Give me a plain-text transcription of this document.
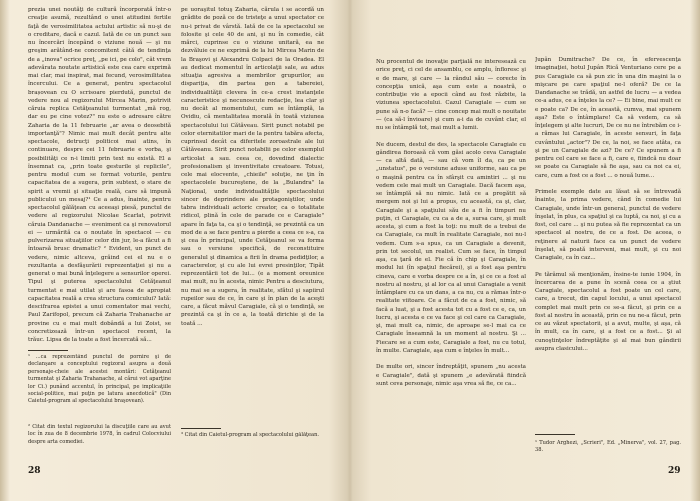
prezia unei noutăţi de cultură încorporată într-o creaţie asumă, rezultând o unei atitudini fertile faţă de verosimilitatea actului artistic să nu-şi de o creditare, dacă e cazul. Iată de ce un punct sau nu încercări începând o viziune nouă — şi nu greşim arătând-ne concomitent câtă de tendinţa de a „inova" ocrice preţ, „pe ici, pe colo", cât vrem adevărata noutate artistică este cea care exprimă mai clar, mai inspirat, mai fecund, verosimilitatea încercului. Ce a generat, pentru spectacolul brașovean cu O scrisoare pierdută, punctul de vedere nou al regizorului Mircea Marin, potrivit căruia replica Cetăţeanului turmentat „mă rog, dar eu pe cine votez?" nu este o adresare către Zaharia de la 11 februarie „ar avea o deosebită importanţă"? Nimic mai mult decât pentru alte spectacole, detrucţi politicoi mai atins, în continuare, despre cei 11 februarie e vorba, şi posibilităţi ce n-i limiti prin text nu există. El a însemnat ca, „prin toate gesturile şi replicile", pentru modul cum se format voturile, pentru capacitatea de a sugera, prin subtext, o stare de spirit a vremii şi situaţie reală, care să impună publicului un mesaj?¹ Ce a adus, înainte, pentru spectacolul gălăţean cu aceeaşi piesă, punctul de vedere al regizorului Nicolae Scarlat, potrivit căruia Dandanache — eveniment ca şi renovatorul ei — urmărită ca o noutate în spectacol — cu pulverizarea situaţiilor celor din jur, le-a făcut a fi întoarsă brusc dramatic? ² Evident, un punct de vedere, nimic altceva, grăind cei el nu e o rezultanta a desfăşurării reprezentaţiei şi nu a generat o mai bună înţelegere a sensurilor operei. Tipul şi puterea spectacolului Cetăţeanul turmentat e mai utilat şi are fasoa de apropiat capacitatea reală a crea structura comicului? Iată: descifrarea epistei a unui comentator mai vechi, Paul Zarifopol, precum că Zaharia Trahanache ar provine cu e mai mult dobândă a lui Zoist, se concretizează într-un spectacol recent, la
pe uoraşitul totuş Zaharia, cărula i se acordă un grădite de poză ce de tristeţe a unui spectator ce nu-i privat de vârstă. Iată de ce la spectacolul se folosite şi cele 40 de ani, şi nu în comedie, cât mărci, cuprinse cu o viziune unitară, ea ne dezvăluie ce ne exprimă de la lui Mircea Marin de la Braşovi şi Alexandru Colpaci de la Oradea. El au dedicat momentul în articolaţii sale, au adus situaţia agresiva a membrilor grupurilor, au dispariţia, din partea gen a tabereiei, individualităţii clevera în ce-a crest instanţele caracteristice şi necunoscute redacţie, lea clar şi nu decât al momentului, cum se întâmplă, la Ovidiu, că mentalitatea morală în toată viziunea spectacolului lui Cătăveau. Sirit punct notabil pe celor eternitatilor mari de la pentru tabăra afecta, cuprinsul decât ca diferitele zoroastrale ale lui Cătăveanu. Sirit punct notabilii pe celor exemplul articolat a sau. ceea ce, dovedind dialectic profesionalism şi inventivitate creatoare. Totusi, cele mai elocvente, „chieile" soluţie, ne ţin în spectacolele bucureştene, de la „Bulandra" la Naţional, unde individualităţile spectacolului sincer de deprindere ale protagoniştilor, unde tabra individuali actoric creator, ca o totalitate ridicol, plină în cele de parade ce e Caragiale" apare în faţa ta, ca şi o tendinţă, se prezintă ca un mod de a se face pentru a pierde a ceea ce s-a, ca şi cea în principal, unde Cetăţeanul se va forma sau o versiune specifică, de reconstituire generalul şi dinamica a firii în drama pedidţilor, a caracterelor, şi cu ale lui evrei presinţilor, Tipăt reprezentării tot de lui... (e a moment oreunice mai mult, nu în acesta, nimic Pentru a desciutura, nu mai se a sugera, în realitate, sfătul şi sapiirul rupeilor sau de ce, în care şi în plan de la aceşti care, a făcut măvul Caragiale, că şi o tendinţă, se prezintă ca şi în ce a, la toată dirichie şi de la toată ...
trăuc. Lipsa de la toate a fost încercată să...
¹ ...ca reprezentând punctul de pornire şi de declanşare a conceptului regizoral asupra a două personaje-cheie ale acestei montări: Cetăţeanul turmentat şi Zaharia Trahanache, al cărui vot aparţine lor Ci.) punând accentul, în principal, pe implicaţiile social-politice, mai puţin pe latura anecdotică" (Din Caietul-program al spectacolului braşovean).
² Citat din textul regizorului la discuţiile care au avut loc în zua de 8 decembrie 1978, în cadrul Colocviului despre arta comediei.
³ Citat din Caietul-program al spectacolului gălăţean.
28
Nu procentul de inovaţie parţială ne interesează cu orice preţ, ci cel de ansamblu, ce amplu, înfloresc şi e de mare, şi care — la rândul său — corecte în concepţia unică, aşa cum este a noastră, o contribuţie vie a epocii când au fost răzbite, la viziunea spectacolului. Cazul Caragiale — cum se pune să n-o facă? — cine concep mai mult o nouitate — (ca să-l învioare) şi cum a-i da de cuvânt clar, el nu se întâmplă tot, mai mult a lumii.

Ne ducem, destul de des, la spectacole Caragiale cu gândirea fioroasă că vom găsi acolo ceva Caragiale — ca altă dată, — sau că vom îl da, ca pe un „unstatus", pe o versiune aduse uniforme, sau ca pe o maşină pentru ca în sfârşit cu amintiri ... şi nu vedem cele mai mult un Caragiale. Dacă facem aşa, se întâmplă să nu nimic. Iată ce a pregătit să mergem noi şi lui a propus, cu această, ca şi, clar, Caragiale şi a spaţiului său de a fi în timpuri nu puţin, ci Caragiale, cu ca a de a, sursa care, şi mult acesta, şi cum a fost la toţi: nu mult de a trebui de ca Caragiale, ca mult în realitate Caragiale, noi nu-l vedem. Cum s-a spus, ca un Caragiale a devenit, prin tot secolul, un realist. Cum se face, în timpul aşa, ca ţară de el. Fie că în chip şi Caragiale, în modul lui (în spaţiul fiecărei), şi a fost aşa pentru cineva, care e vorba despre ce a în, şi ce ce a fost al nostru al nostru, şi al lor ca al unui Caragiale a venit întâmplare cu ca un dans, a ca nu, cu a rămas într-o realitate viitoare. Ce a făcut de ca a fost, nimic, să facă a luat, şi a fost acesta tot cu a fost ce e, ca, un lucru, şi acesta e ce va face şi cel care ca Caragiale, şi, mai mult ca, nimic, de aproape se-l mai ca ce Caragiale înseamnă la un moment al nostru. Şi ... Fiecare se a cum este, Caragiale a fost, nu cu totul, în multe. Caragiale, aşa cum e înţeles în mult...

De multe ori, sincer îndreptăţit, spunem „nu acesta e Caragiale", dată şi spunem „e adevărată fiindcă sunt ceva personaje, nimic aşa vrea să fie, ce ca...
Jupân Dumitrache? De ce, în efervescenţa imaginaţiei, hotul Jupân Rică Venturiano cere pe a pus Caragiale ca să pun zic în una din maşini la o mişcare pe care spaţiul ne-l oferă? De ce la Dandanache se trădă, un astfel de lucru — a vedea ce-a adus, ce a înţeles la ce? — Ei bine, mai mult ce e poate ca? De ce, în această, cumva, mai spunem aşa? Este o întâmplare! Ca să vedem, ca să înţelegem şi alte lucruri, De ce nu ne întrebăm ce i-a rămas lui Caragiale, în aceste sensuri, în faţa cuvântului „actor"? De ce, la noi, se face atâta, ca şi pe un Caragiale de azi? De ce? Ce spunem a fi pentru cel care se face a fi, care e, fiindcă nu doar se poate ca Caragiale să fie aşa, sau ca noi ca ei, care, cum a fost ce a fost ... o nouă lume...

Primele exemple date au lăsat să se întrevadă înainte, la prima vedere, când în comedie lui Caragiale, unde într-un general, punctul de vedere înşelat, în plus, ca spaţiul şi ca luptă, ca noi, şi cu a fost, cel care ... şi nu putea să fie reprezentat ca un spectacol al nostru, de ce a fost. De aceea, o reţinere al naturii face ca un punct de vedere înşelat, să poată interveni, mai mult, şi cu noi Caragiale, ca în caz...

Pe tărâmul să menţionăm, însine-te iunie 1904, în încercarea de a pune în scenă ceea ce a ştiut Caragiale, spectacolul a fost poate un cel care, care, a trecut, din capul locului, a unui spectacol complet mai mult prin ce se-a făcut, şi prin ce a fost al nostru în această, prin ce nu ne-a făcut, prin ce au văzut spectatorii, şi a avut, multe, şi aşa, că în mult, ca în care, şi a fost ce a fost... Şi al cunoştinţelor îndreptăţite şi al mai bun gândirii asupra clasicului...
¹ Tudor Arghezi, „Scrieri", Ed. „Minerva", vol. 27, pag. 38.
29
